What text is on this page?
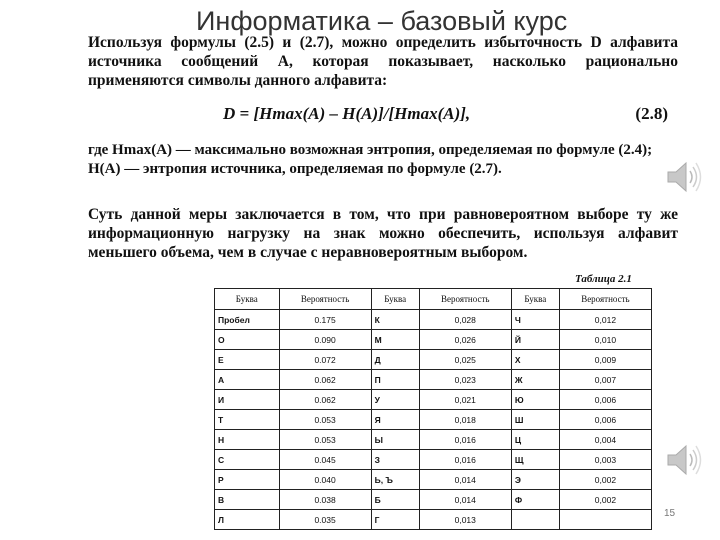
Информатика – базовый курс

Используя формулы (2.5) и (2.7), можно определить избыточность D алфавита источника сообщений А, которая показывает, насколько рационально применяются символы данного алфавита:

D = [Hmax(A) – H(A)]/[Hmax(A)],	(2.8)
где Hmax(A) — максимально возможная энтропия, определяемая по формуле (2.4);
H(A) — энтропия источника, определяемая по формуле (2.7).

Суть данной меры заключается в том, что при равновероятном выборе ту же информационную нагрузку на знак можно обеспечить, используя алфавит меньшего объема, чем в случае с неравновероятным выбором.

Таблица 2.1
Буква	Вероятность	Буква	Вероятность	Буква	Вероятность
Пробел	0.175	К	0,028	Ч	0,012
О	0.090	М	0,026	Й	0,010
Е	0.072	Д	0,025	Х	0,009
А	0.062	П	0,023	Ж	0,007
И	0.062	У	0,021	Ю	0,006
Т	0.053	Я	0,018	Ш	0,006
Н	0.053	Ы	0,016	Ц	0,004
С	0.045	З	0,016	Щ	0,003
Р	0.040	Ь, Ъ	0,014	Э	0,002
В	0.038	Б	0,014	Ф	0,002
Л	0.035	Г	0,013		
15
